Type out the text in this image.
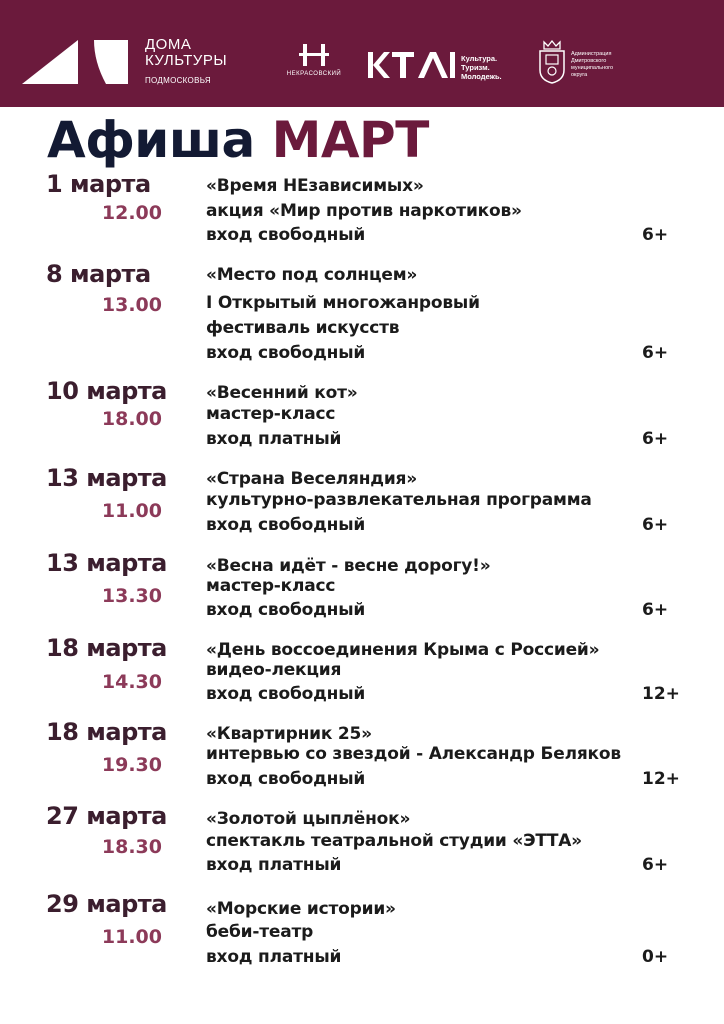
ДОМА
КУЛЬТУРЫ
ПОДМОСКОВЬЯ
НЕКРАСОВСКИЙ
Культура.
Туризм.
Молодежь.
Администрация
Дмитровского
муниципального
округа
Афиша МАРТ
1 марта
12.00
«Время НЕзависимых»
акция «Мир против наркотиков»
вход свободный	6+
8 марта
13.00
«Место под солнцем»
I Открытый многожанровый
фестиваль искусств
вход свободный	6+
10 марта
18.00
«Весенний кот»
мастер-класс
вход платный	6+
13 марта
11.00
«Страна Веселяндия»
культурно-развлекательная программа
вход свободный	6+
13 марта
13.30
«Весна идёт - весне дорогу!»
мастер-класс
вход свободный	6+
18 марта
14.30
«День воссоединения Крыма с Россией»
видео-лекция
вход свободный	12+
18 марта
19.30
«Квартирник 25»
интервью со звездой - Александр Беляков
вход свободный	12+
27 марта
18.30
«Золотой цыплёнок»
спектакль театральной студии «ЭТТА»
вход платный	6+
29 марта
11.00
«Морские истории»
беби-театр
вход платный	0+
